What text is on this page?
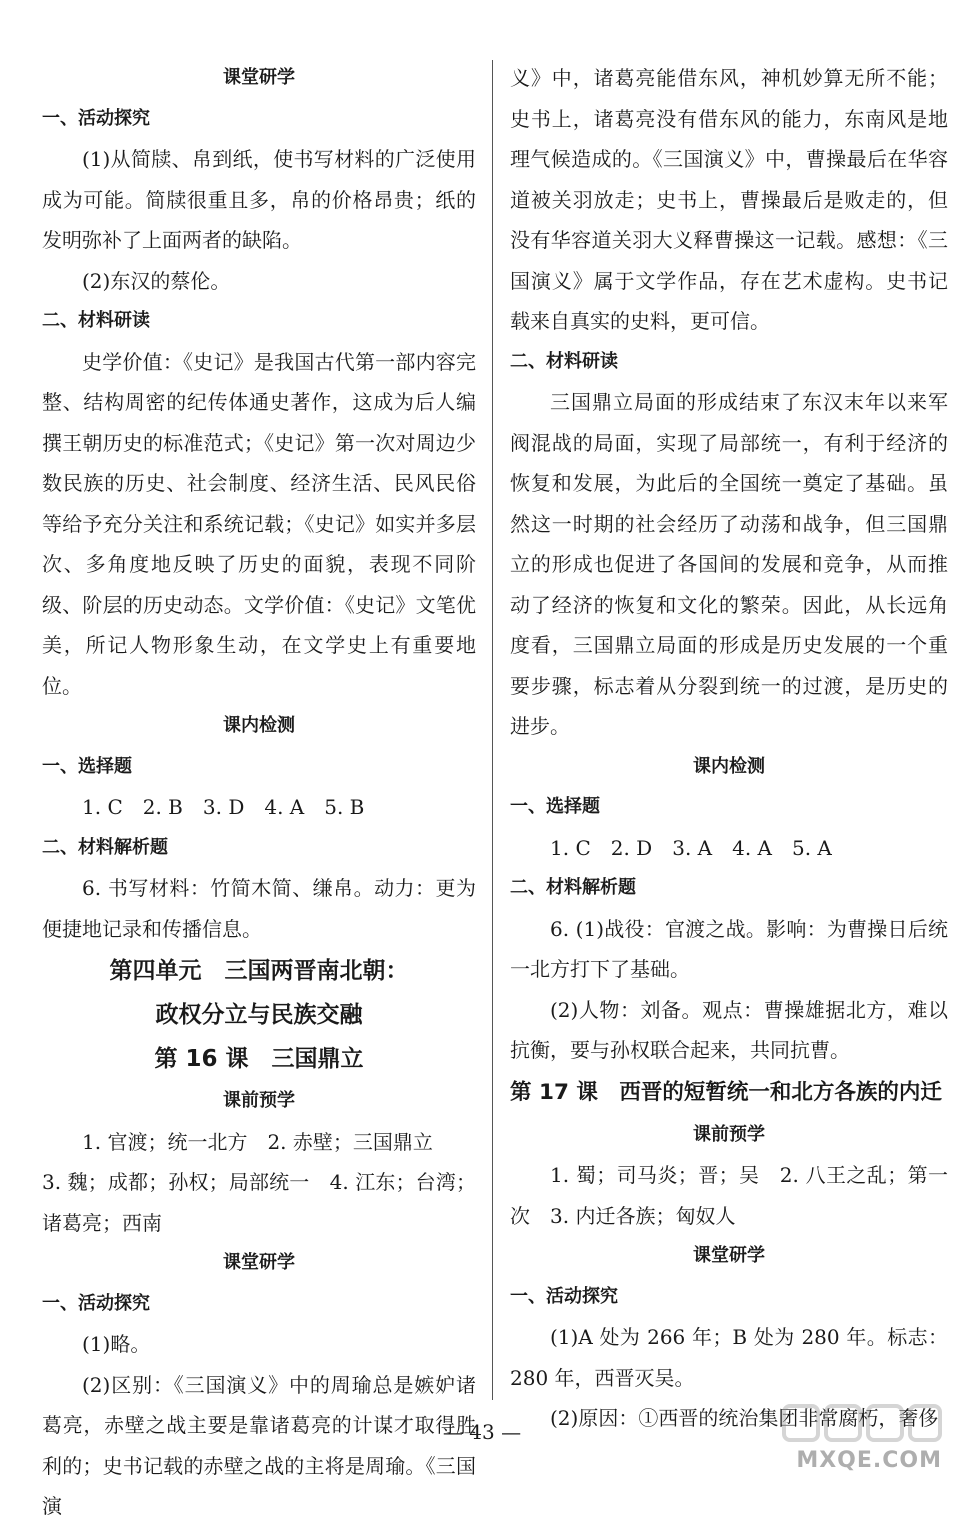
课堂研学
一、活动探究
(1)从简牍、帛到纸，使书写材料的广泛使用成为可能。简牍很重且多，帛的价格昂贵；纸的发明弥补了上面两者的缺陷。
(2)东汉的蔡伦。
二、材料研读
史学价值：《史记》是我国古代第一部内容完整、结构周密的纪传体通史著作，这成为后人编撰王朝历史的标准范式；《史记》第一次对周边少数民族的历史、社会制度、经济生活、民风民俗等给予充分关注和系统记载；《史记》如实并多层次、多角度地反映了历史的面貌，表现不同阶级、阶层的历史动态。文学价值：《史记》文笔优美，所记人物形象生动，在文学史上有重要地位。
课内检测
一、选择题
1. C　2. B　3. D　4. A　5. B
二、材料解析题
6. 书写材料：竹简木简、缣帛。动力：更为便捷地记录和传播信息。
第四单元　三国两晋南北朝：
政权分立与民族交融
第 16 课　三国鼎立
课前预学
1. 官渡；统一北方　2. 赤壁；三国鼎立
3. 魏；成都；孙权；局部统一　4. 江东；台湾；诸葛亮；西南
课堂研学
一、活动探究
(1)略。
(2)区别：《三国演义》中的周瑜总是嫉妒诸葛亮，赤壁之战主要是靠诸葛亮的计谋才取得胜利的；史书记载的赤壁之战的主将是周瑜。《三国演
义》中，诸葛亮能借东风，神机妙算无所不能；史书上，诸葛亮没有借东风的能力，东南风是地理气候造成的。《三国演义》中，曹操最后在华容道被关羽放走；史书上，曹操最后是败走的，但没有华容道关羽大义释曹操这一记载。感想：《三国演义》属于文学作品，存在艺术虚构。史书记载来自真实的史料，更可信。
二、材料研读
三国鼎立局面的形成结束了东汉末年以来军阀混战的局面，实现了局部统一，有利于经济的恢复和发展，为此后的全国统一奠定了基础。虽然这一时期的社会经历了动荡和战争，但三国鼎立的形成也促进了各国间的发展和竞争，从而推动了经济的恢复和文化的繁荣。因此，从长远角度看，三国鼎立局面的形成是历史发展的一个重要步骤，标志着从分裂到统一的过渡，是历史的进步。
课内检测
一、选择题
1. C　2. D　3. A　4. A　5. A
二、材料解析题
6. (1)战役：官渡之战。影响：为曹操日后统一北方打下了基础。
(2)人物：刘备。观点：曹操雄据北方，难以抗衡，要与孙权联合起来，共同抗曹。
第 17 课　西晋的短暂统一和北方各族的内迁
课前预学
1. 蜀；司马炎；晋；吴　2. 八王之乱；第一次　3. 内迁各族；匈奴人
课堂研学
一、活动探究
(1)A 处为 266 年；B 处为 280 年。标志：280 年，西晋灭吴。
(2)原因：①西晋的统治集团非常腐朽，奢侈
— 43 —
MXQE.COM
